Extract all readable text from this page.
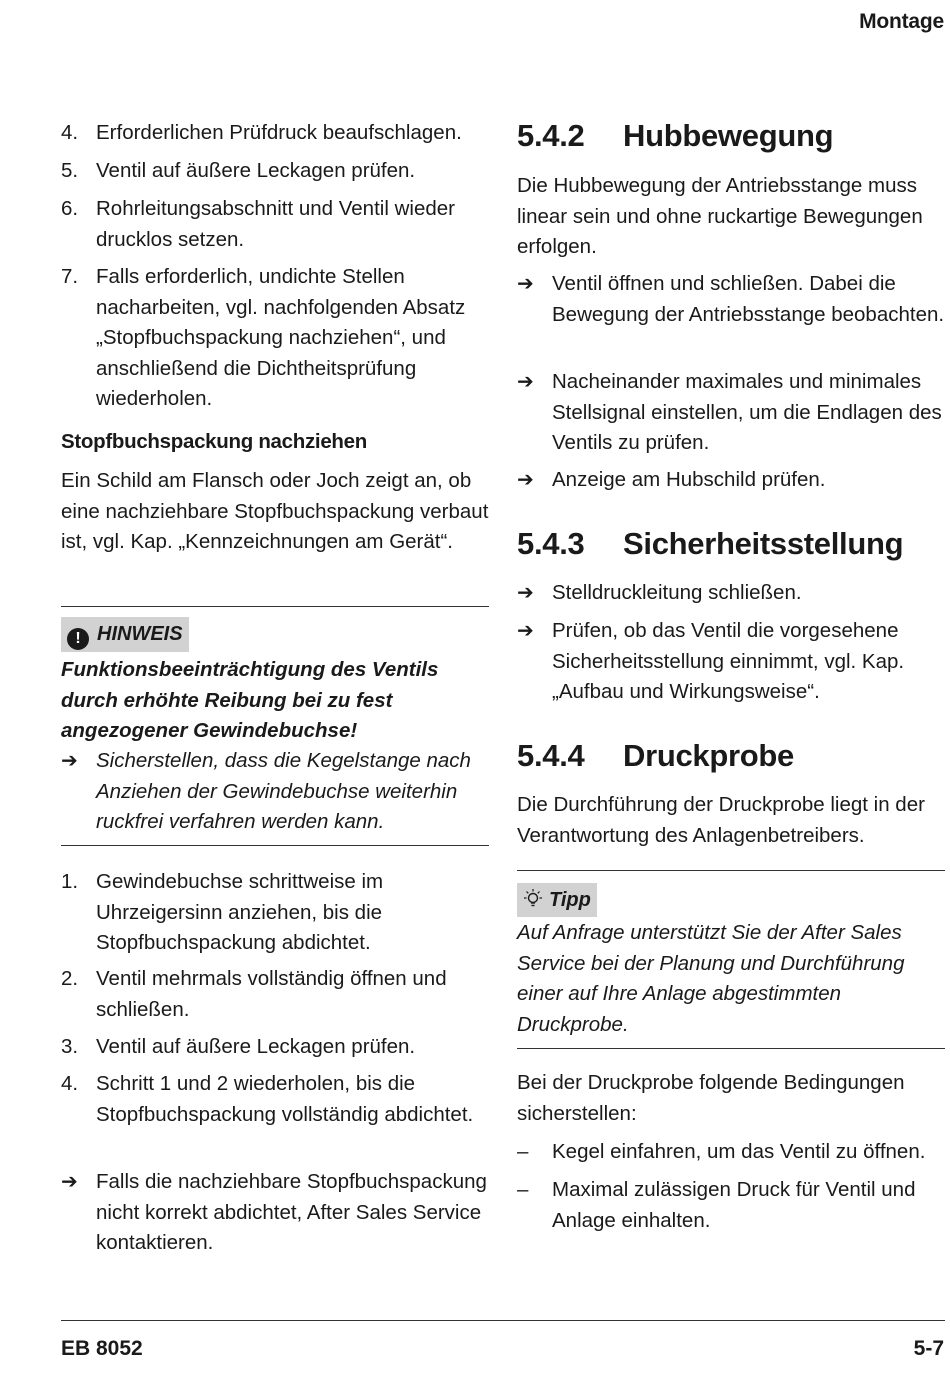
Montage
4. Erforderlichen Prüfdruck beaufschlagen.
5. Ventil auf äußere Leckagen prüfen.
6. Rohrleitungsabschnitt und Ventil wieder drucklos setzen.
7. Falls erforderlich, undichte Stellen nacharbeiten, vgl. nachfolgenden Absatz „Stopfbuchspackung nachziehen“, und anschließend die Dichtheitsprüfung wiederholen.
Stopfbuchspackung nachziehen
Ein Schild am Flansch oder Joch zeigt an, ob eine nachziehbare Stopfbuchspackung verbaut ist, vgl. Kap. „Kennzeichnungen am Gerät“.
! HINWEIS
Funktionsbeeinträchtigung des Ventils durch erhöhte Reibung bei zu fest angezogener Gewindebuchse!
➔ Sicherstellen, dass die Kegelstange nach Anziehen der Gewindebuchse weiterhin ruckfrei verfahren werden kann.
1. Gewindebuchse schrittweise im Uhrzeigersinn anziehen, bis die Stopfbuchspackung abdichtet.
2. Ventil mehrmals vollständig öffnen und schließen.
3. Ventil auf äußere Leckagen prüfen.
4. Schritt 1 und 2 wiederholen, bis die Stopfbuchspackung vollständig abdichtet.
➔ Falls die nachziehbare Stopfbuchspackung nicht korrekt abdichtet, After Sales Service kontaktieren.
5.4.2 Hubbewegung
Die Hubbewegung der Antriebsstange muss linear sein und ohne ruckartige Bewegungen erfolgen.
➔ Ventil öffnen und schließen. Dabei die Bewegung der Antriebsstange beobachten.
➔ Nacheinander maximales und minimales Stellsignal einstellen, um die Endlagen des Ventils zu prüfen.
➔ Anzeige am Hubschild prüfen.
5.4.3 Sicherheitsstellung
➔ Stelldruckleitung schließen.
➔ Prüfen, ob das Ventil die vorgesehene Sicherheitsstellung einnimmt, vgl. Kap. „Aufbau und Wirkungsweise“.
5.4.4 Druckprobe
Die Durchführung der Druckprobe liegt in der Verantwortung des Anlagenbetreibers.
Tipp
Auf Anfrage unterstützt Sie der After Sales Service bei der Planung und Durchführung einer auf Ihre Anlage abgestimmten Druckprobe.
Bei der Druckprobe folgende Bedingungen sicherstellen:
– Kegel einfahren, um das Ventil zu öffnen.
– Maximal zulässigen Druck für Ventil und Anlage einhalten.
EB 8052	5-7
